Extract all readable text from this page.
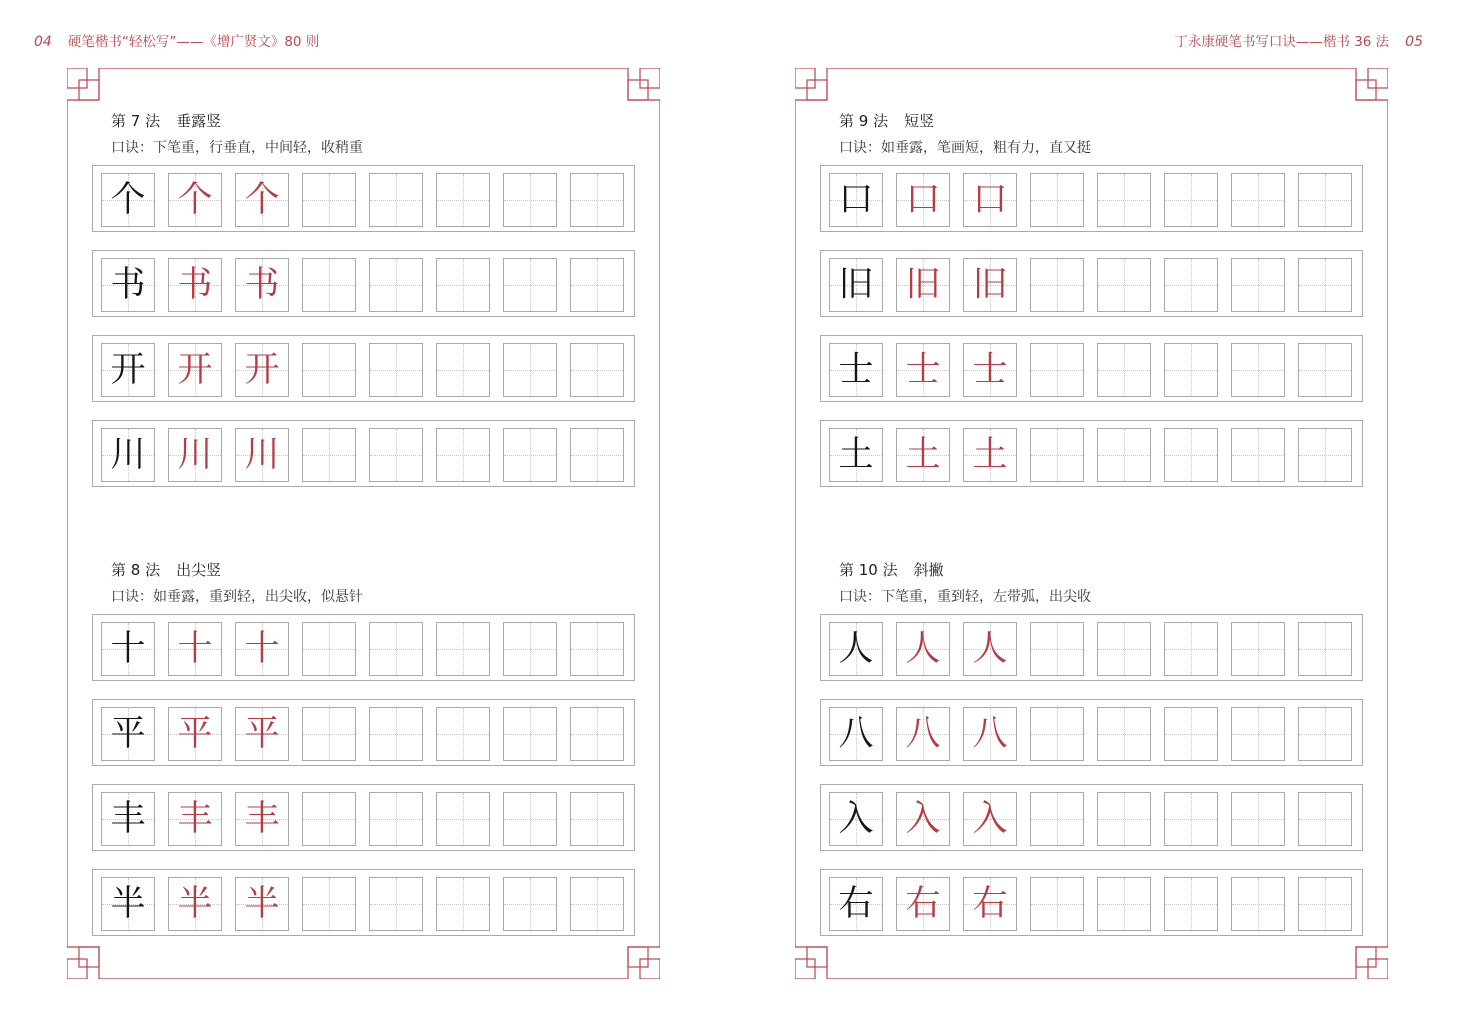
04 硬笔楷书“轻松写”——《增广贤文》80 则	丁永康硬笔书写口诀——楷书 36 法 05
第 7 法 垂露竖
口诀：下笔重，行垂直，中间轻，收稍重
个 个 个
书 书 书
开 开 开
川 川 川
第 8 法 出尖竖
口诀：如垂露，重到轻，出尖收，似悬针
十 十 十
平 平 平
丰 丰 丰
半 半 半
第 9 法 短竖
口诀：如垂露，笔画短，粗有力，直又挺
口 口 口
旧 旧 旧
士 士 士
土 土 土
第 10 法 斜撇
口诀：下笔重，重到轻，左带弧，出尖收
人 人 人
八 八 八
入 入 入
右 右 右
